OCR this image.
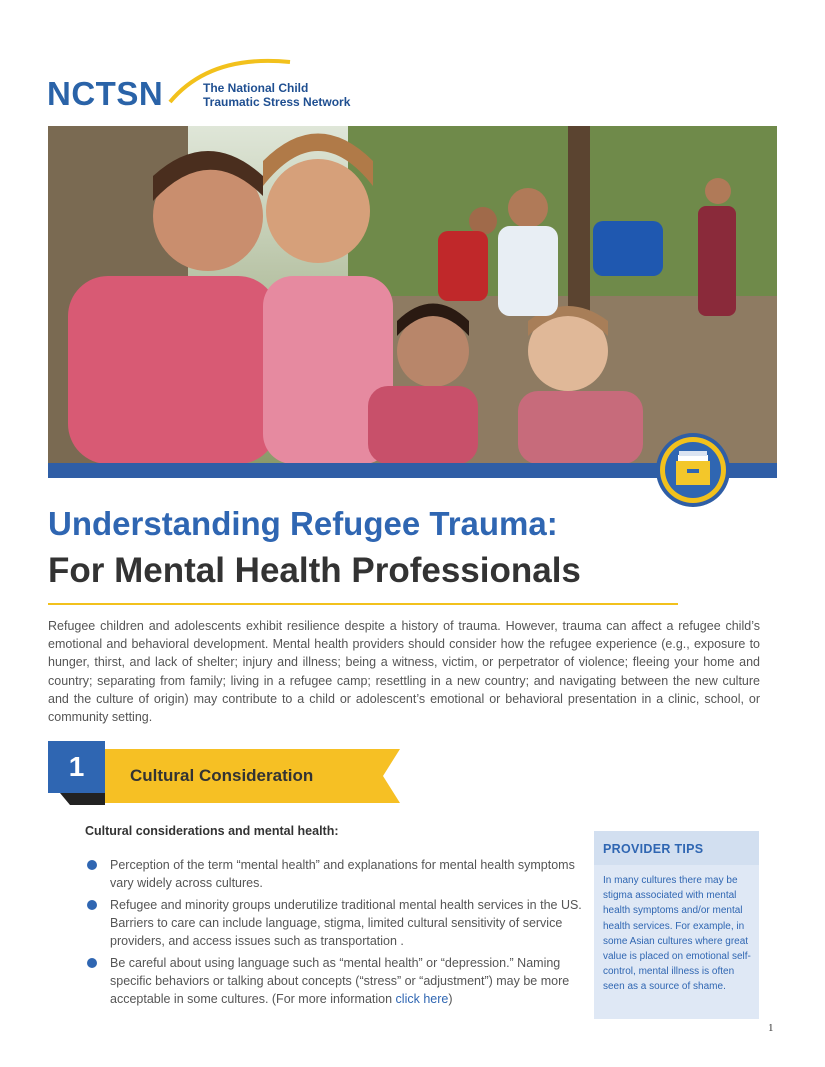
NCTSN	The National Child
Traumatic Stress Network
Understanding Refugee Trauma:
For Mental Health Professionals
Refugee children and adolescents exhibit resilience despite a history of trauma. However, trauma can affect a refugee child’s emotional and behavioral development. Mental health providers should consider how the refugee experience (e.g., exposure to hunger, thirst, and lack of shelter; injury and illness; being a witness, victim, or perpetrator of violence; fleeing your home and country; separating from family; living in a refugee camp; resettling in a new country; and navigating between the new culture and the culture of origin) may contribute to a child or adolescent’s emotional or behavioral presentation in a clinic, school, or community setting.
1	Cultural Consideration
Cultural considerations and mental health:
Perception of the term “mental health” and explanations for mental health symptoms vary widely across cultures.
Refugee and minority groups underutilize traditional mental health services in the US. Barriers to care can include language, stigma, limited cultural sensitivity of service providers, and access issues such as transportation .
Be careful about using language such as “mental health” or “depression.” Naming specific behaviors or talking about concepts (“stress” or “adjustment”) may be more acceptable in some cultures. (For more information click here)
PROVIDER TIPS
In many cultures there may be stigma associated with mental health symptoms and/or mental health services. For example, in some Asian cultures where great value is placed on emotional self-control, mental illness is often seen as a source of shame.
1
